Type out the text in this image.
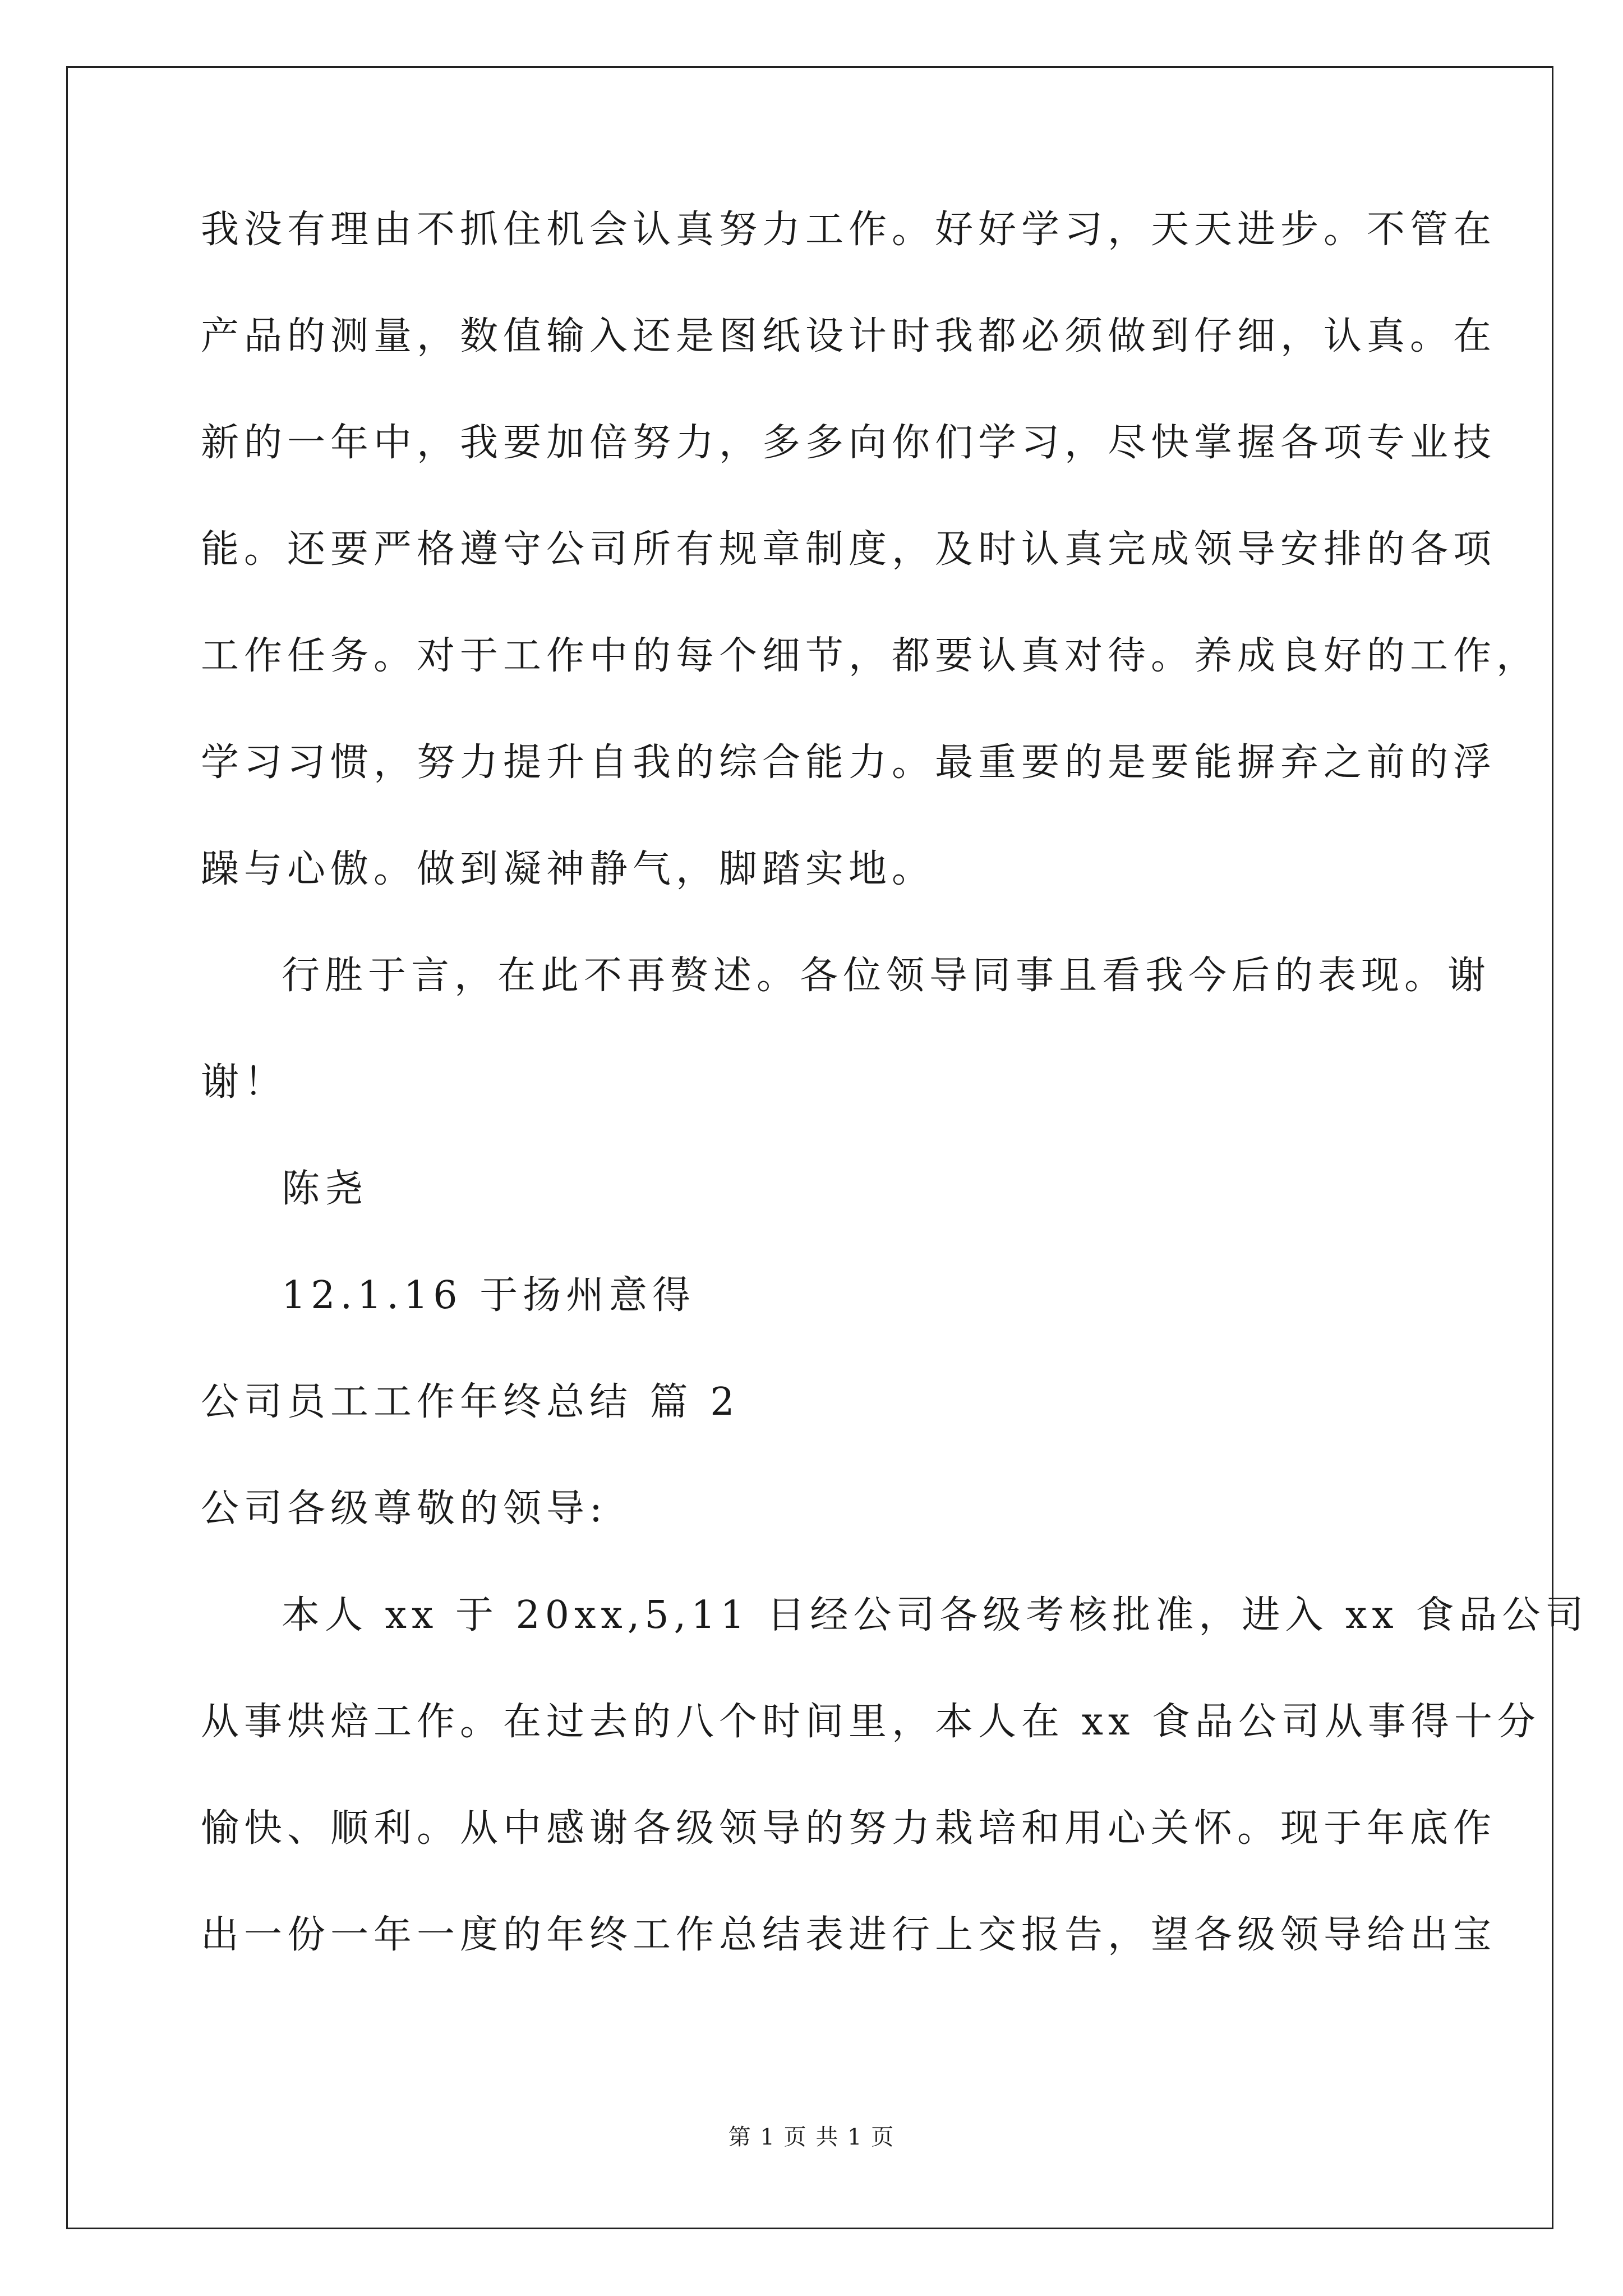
我没有理由不抓住机会认真努力工作。好好学习，天天进步。不管在
产品的测量，数值输入还是图纸设计时我都必须做到仔细，认真。在
新的一年中，我要加倍努力，多多向你们学习，尽快掌握各项专业技
能。还要严格遵守公司所有规章制度，及时认真完成领导安排的各项
工作任务。对于工作中的每个细节，都要认真对待。养成良好的工作，
学习习惯，努力提升自我的综合能力。最重要的是要能摒弃之前的浮
躁与心傲。做到凝神静气，脚踏实地。
行胜于言，在此不再赘述。各位领导同事且看我今后的表现。谢
谢！
陈尧
12.1.16 于扬州意得
公司员工工作年终总结 篇 2
公司各级尊敬的领导:
本人 xx 于 20xx,5,11 日经公司各级考核批准，进入 xx 食品公司
从事烘焙工作。在过去的八个时间里，本人在 xx 食品公司从事得十分
愉快、顺利。从中感谢各级领导的努力栽培和用心关怀。现于年底作
出一份一年一度的年终工作总结表进行上交报告，望各级领导给出宝
第 1 页 共 1 页
